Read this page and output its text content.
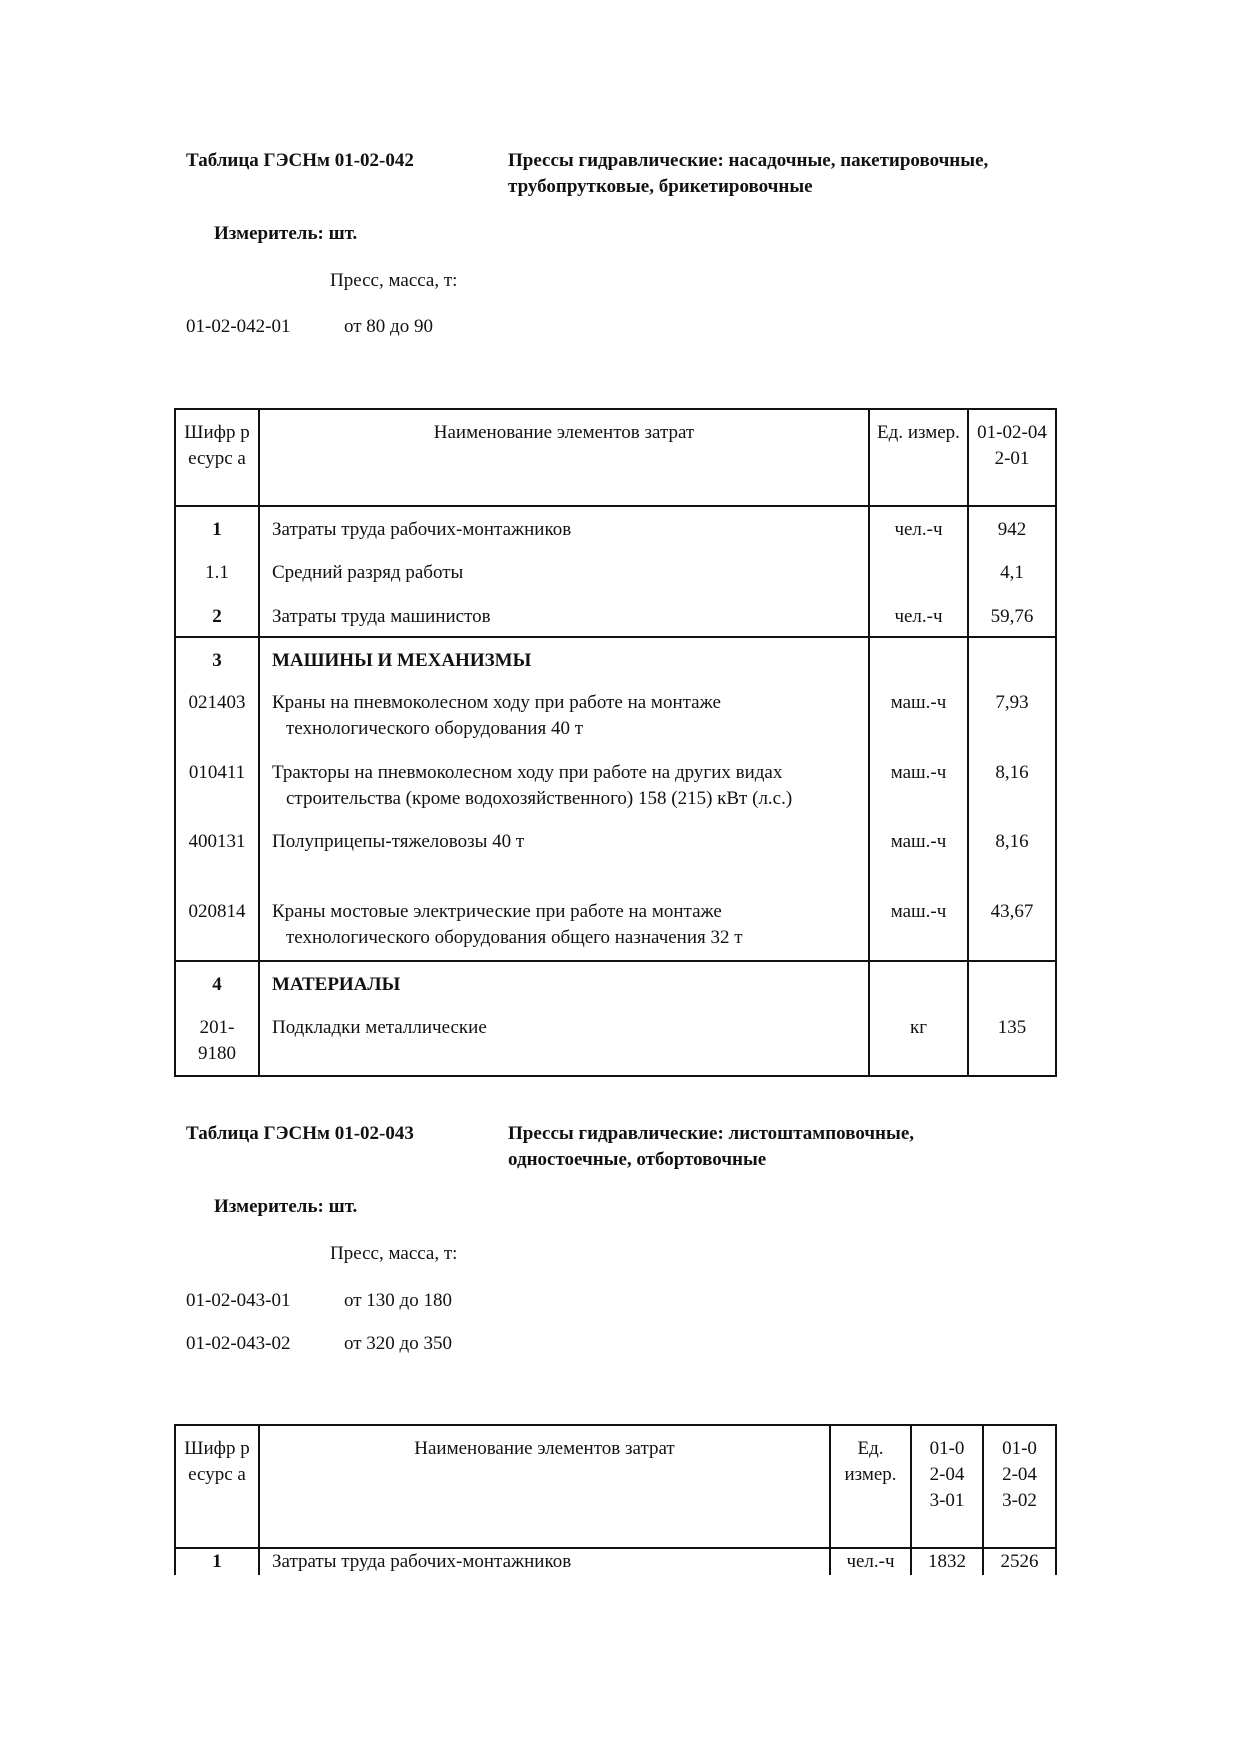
Таблица ГЭСНм 01-02-042	Прессы гидравлические: насадочные, пакетировочные,
трубопрутковые, брикетировочные
Измеритель: шт.
Пресс, масса, т:
01-02-042-01	от 80 до 90
Шифр ресурс а	Наименование элементов затрат	Ед. измер.	01-02-042-01
1	Затраты труда рабочих-монтажников	чел.-ч	942
1.1	Средний разряд работы		4,1
2	Затраты труда машинистов	чел.-ч	59,76
3	МАШИНЫ И МЕХАНИЗМЫ		
021403	Краны на пневмоколесном ходу при работе на монтаже технологического оборудования 40 т	маш.-ч	7,93
010411	Тракторы на пневмоколесном ходу при работе на других видах строительства (кроме водохозяйственного) 158 (215) кВт (л.с.)	маш.-ч	8,16
400131	Полуприцепы-тяжеловозы 40 т	маш.-ч	8,16
020814	Краны мостовые электрические при работе на монтаже технологического оборудования общего назначения 32 т	маш.-ч	43,67
4	МАТЕРИАЛЫ		
201-9180	Подкладки металлические	кг	135
Таблица ГЭСНм 01-02-043	Прессы гидравлические: листоштамповочные,
одностоечные, отбортовочные
Измеритель: шт.
Пресс, масса, т:
01-02-043-01	от 130 до 180
01-02-043-02	от 320 до 350
Шифр ресурс а	Наименование элементов затрат	Ед. измер.	01-02-043-01	01-02-043-02
1	Затраты труда рабочих-монтажников	чел.-ч	1832	2526
